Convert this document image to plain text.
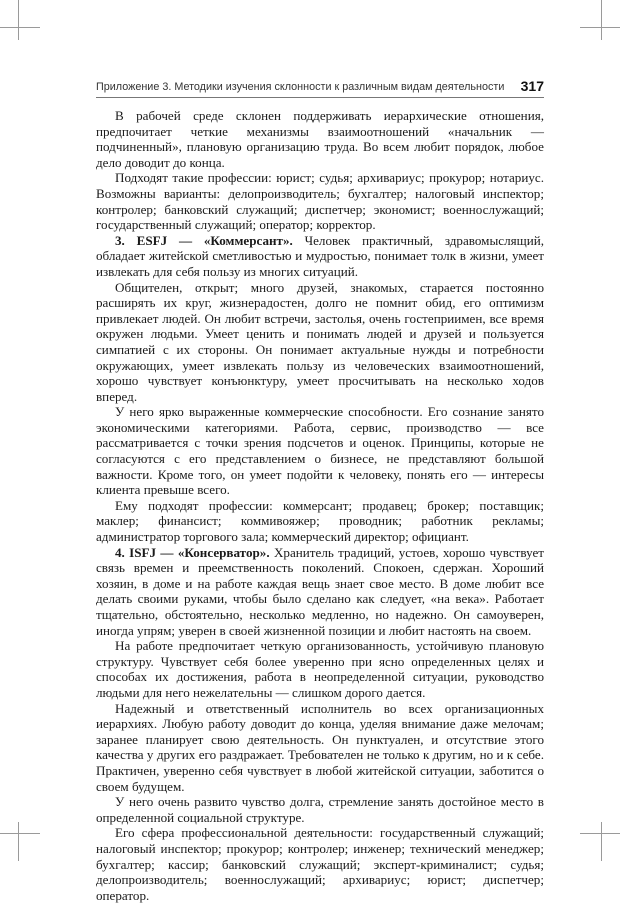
Приложение 3. Методики изучения склонности к различным видам деятельности 317

В рабочей среде склонен поддерживать иерархические отношения, предпочитает четкие механизмы взаимоотношений «начальник — подчиненный», плановую организацию труда. Во всем любит порядок, любое дело доводит до конца.

Подходят такие профессии: юрист; судья; архивариус; прокурор; нотариус. Возможны варианты: делопроизводитель; бухгалтер; налоговый инспектор; контролер; банковский служащий; диспетчер; экономист; военнослужащий; государственный служащий; оператор; корректор.

3. ESFJ — «Коммерсант». Человек практичный, здравомыслящий, обладает житейской сметливостью и мудростью, понимает толк в жизни, умеет извлекать для себя пользу из многих ситуаций.

Общителен, открыт; много друзей, знакомых, старается постоянно расширять их круг, жизнерадостен, долго не помнит обид, его оптимизм привлекает людей. Он любит встречи, застолья, очень гостеприимен, все время окружен людьми. Умеет ценить и понимать людей и друзей и пользуется симпатией с их стороны. Он понимает актуальные нужды и потребности окружающих, умеет извлекать пользу из человеческих взаимоотношений, хорошо чувствует конъюнктуру, умеет просчитывать на несколько ходов вперед.

У него ярко выраженные коммерческие способности. Его сознание занято экономическими категориями. Работа, сервис, производство — все рассматривается с точки зрения подсчетов и оценок. Принципы, которые не согласуются с его представлением о бизнесе, не представляют большой важности. Кроме того, он умеет подойти к человеку, понять его — интересы клиента превыше всего.

Ему подходят профессии: коммерсант; продавец; брокер; поставщик; маклер; финансист; коммивояжер; проводник; работник рекламы; администратор торгового зала; коммерческий директор; официант.

4. ISFJ — «Консерватор». Хранитель традиций, устоев, хорошо чувствует связь времен и преемственность поколений. Спокоен, сдержан. Хороший хозяин, в доме и на работе каждая вещь знает свое место. В доме любит все делать своими руками, чтобы было сделано как следует, «на века». Работает тщательно, обстоятельно, несколько медленно, но надежно. Он самоуверен, иногда упрям; уверен в своей жизненной позиции и любит настоять на своем.

На работе предпочитает четкую организованность, устойчивую плановую структуру. Чувствует себя более уверенно при ясно определенных целях и способах их достижения, работа в неопределенной ситуации, руководство людьми для него нежелательны — слишком дорого дается.

Надежный и ответственный исполнитель во всех организационных иерархиях. Любую работу доводит до конца, уделяя внимание даже мелочам; заранее планирует свою деятельность. Он пунктуален, и отсутствие этого качества у других его раздражает. Требователен не только к другим, но и к себе. Практичен, уверенно себя чувствует в любой житейской ситуации, заботится о своем будущем.

У него очень развито чувство долга, стремление занять достойное место в определенной социальной структуре.

Его сфера профессиональной деятельности: государственный служащий; налоговый инспектор; прокурор; контролер; инженер; технический менеджер; бухгалтер; кассир; банковский служащий; эксперт-криминалист; судья; делопроизводитель; военнослужащий; архивариус; юрист; диспетчер; оператор.
